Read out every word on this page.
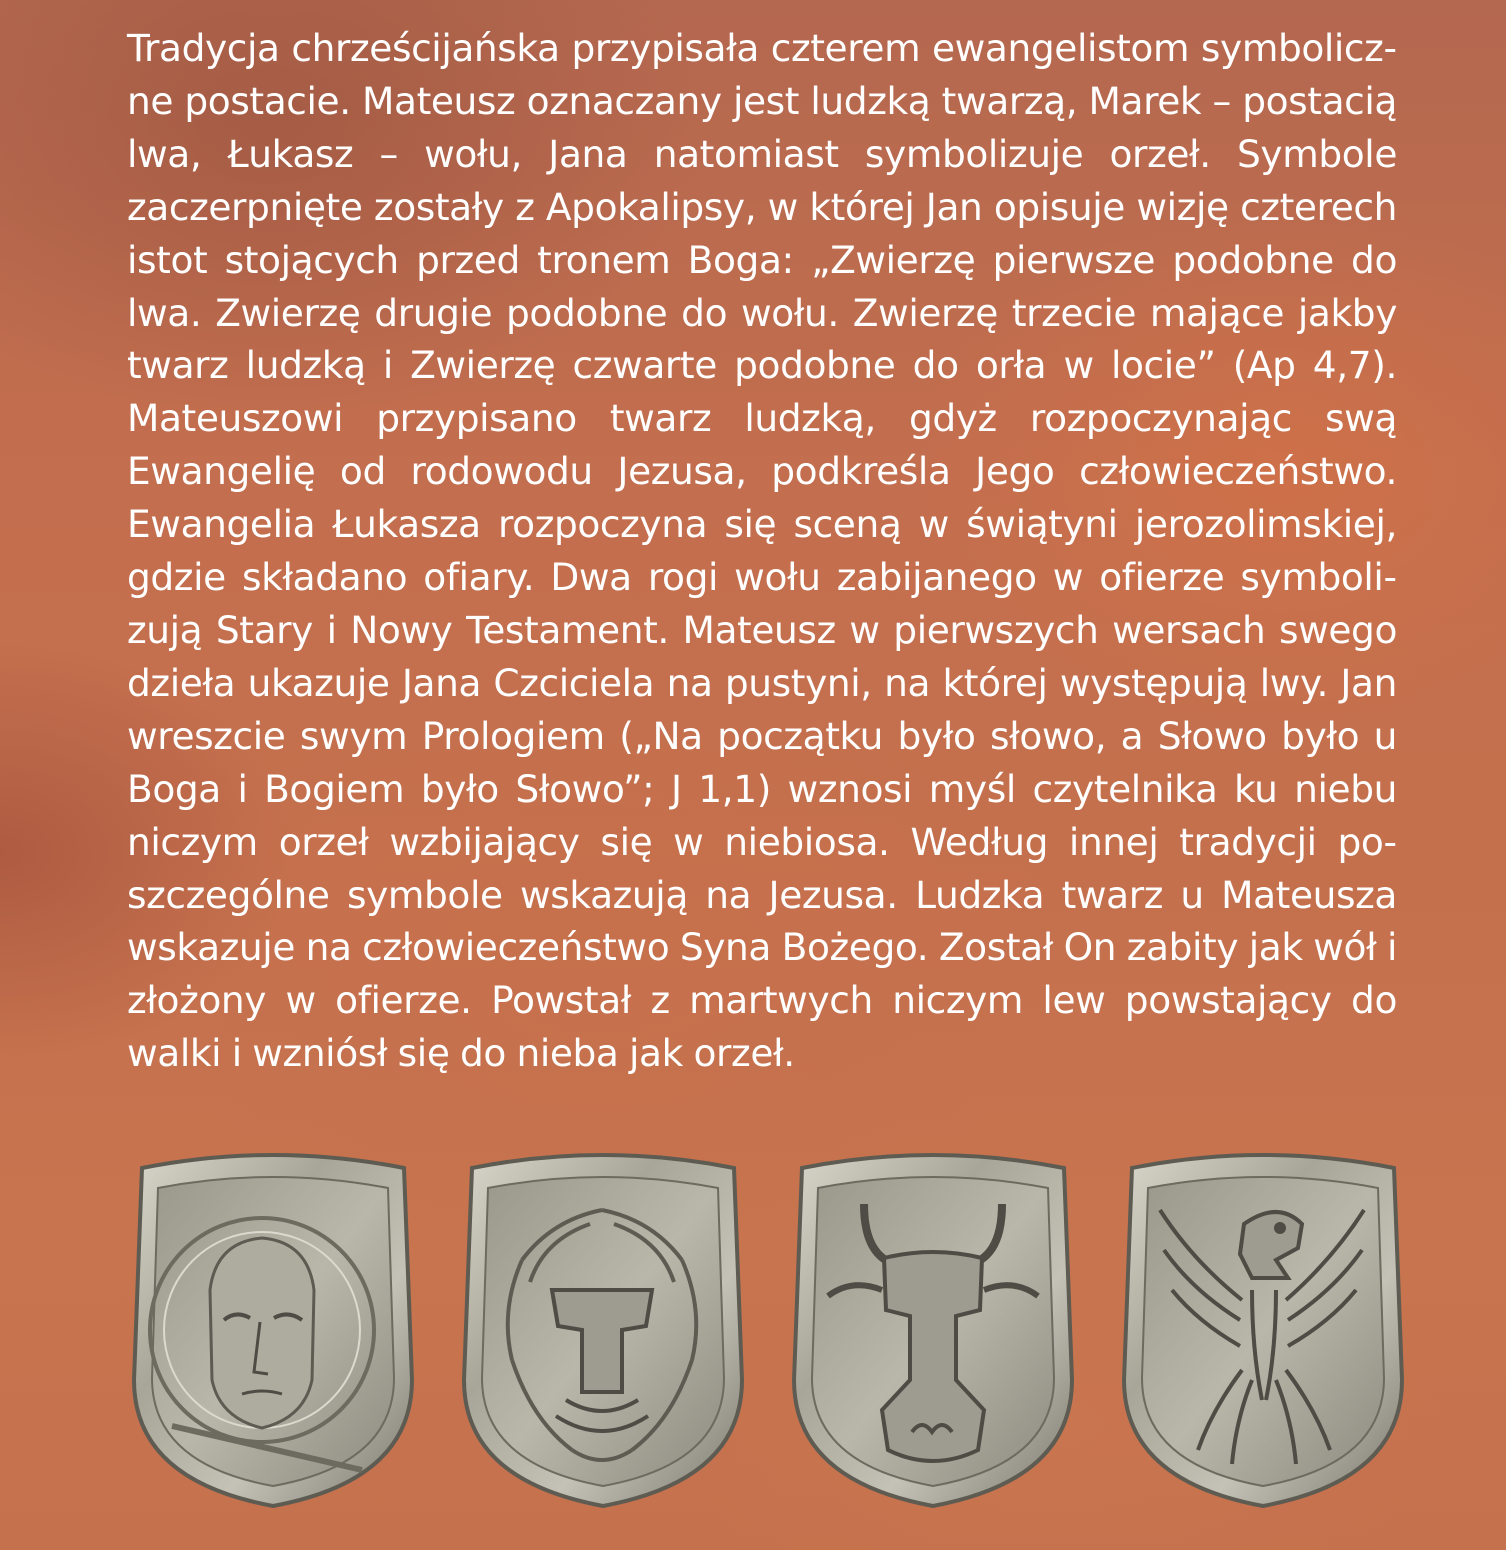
Tradycja chrześcijańska przypisała czterem ewangelistom symboliczne postacie. Mateusz oznaczany jest ludzką twarzą, Marek – postacią lwa, Łukasz – wołu, Jana natomiast symbolizuje orzeł. Symbole zaczerpnięte zostały z Apokalipsy, w której Jan opisuje wizję czterech istot stojących przed tronem Boga: „Zwierzę pierwsze podobne do lwa. Zwierzę drugie podobne do wołu. Zwierzę trzecie mające jakby twarz ludzką i Zwierzę czwarte podobne do orła w locie” (Ap 4,7). Mateuszowi przypisano twarz ludzką, gdyż rozpoczynając swą Ewangelię od rodowodu Jezusa, podkreśla Jego człowieczeństwo. Ewangelia Łukasza rozpoczyna się sceną w świątyni jerozolimskiej, gdzie składano ofiary. Dwa rogi wołu zabijanego w ofierze symbolizują Stary i Nowy Testament. Mateusz w pierwszych wersach swego dzieła ukazuje Jana Czciciela na pustyni, na której występują lwy. Jan wreszcie swym Prologiem („Na początku było słowo, a Słowo było u Boga i Bogiem było Słowo”; J 1,1) wznosi myśl czytelnika ku niebu niczym orzeł wzbijający się w niebiosa. Według innej tradycji poszczególne symbole wskazują na Jezusa. Ludzka twarz u Mateusza wskazuje na człowieczeństwo Syna Bożego. Został On zabity jak wół i złożony w ofierze. Powstał z martwych niczym lew powstający do walki i wzniósł się do nieba jak orzeł.
